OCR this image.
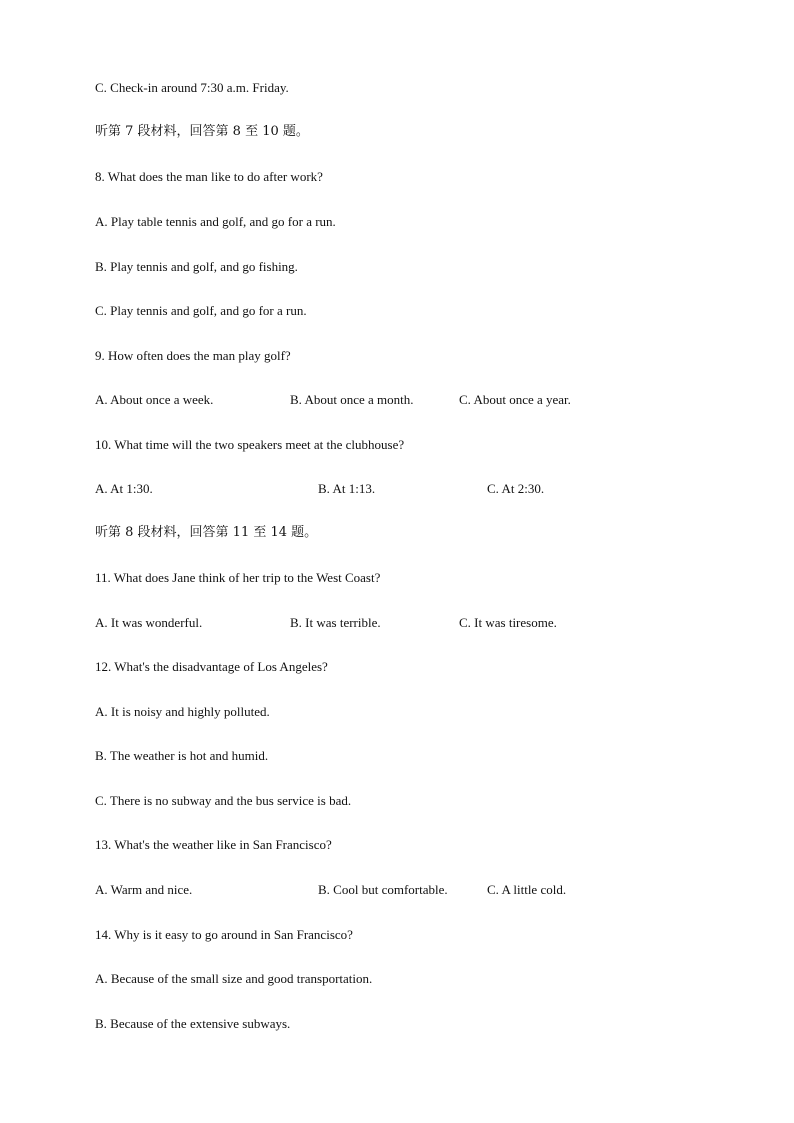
C. Check-in around 7:30 a.m. Friday.
听第 7 段材料，回答第 8 至 10 题。
8. What does the man like to do after work?
A. Play table tennis and golf, and go for a run.
B. Play tennis and golf, and go fishing.
C. Play tennis and golf, and go for a run.
9. How often does the man play golf?
A. About once a week.	B. About once a month.	C. About once a year.
10. What time will the two speakers meet at the clubhouse?
A. At 1:30.	B. At 1:13.	C. At 2:30.
听第 8 段材料，回答第 11 至 14 题。
11. What does Jane think of her trip to the West Coast?
A. It was wonderful.	B. It was terrible.	C. It was tiresome.
12. What's the disadvantage of Los Angeles?
A. It is noisy and highly polluted.
B. The weather is hot and humid.
C. There is no subway and the bus service is bad.
13. What's the weather like in San Francisco?
A. Warm and nice.	B. Cool but comfortable.	C. A little cold.
14. Why is it easy to go around in San Francisco?
A. Because of the small size and good transportation.
B. Because of the extensive subways.
